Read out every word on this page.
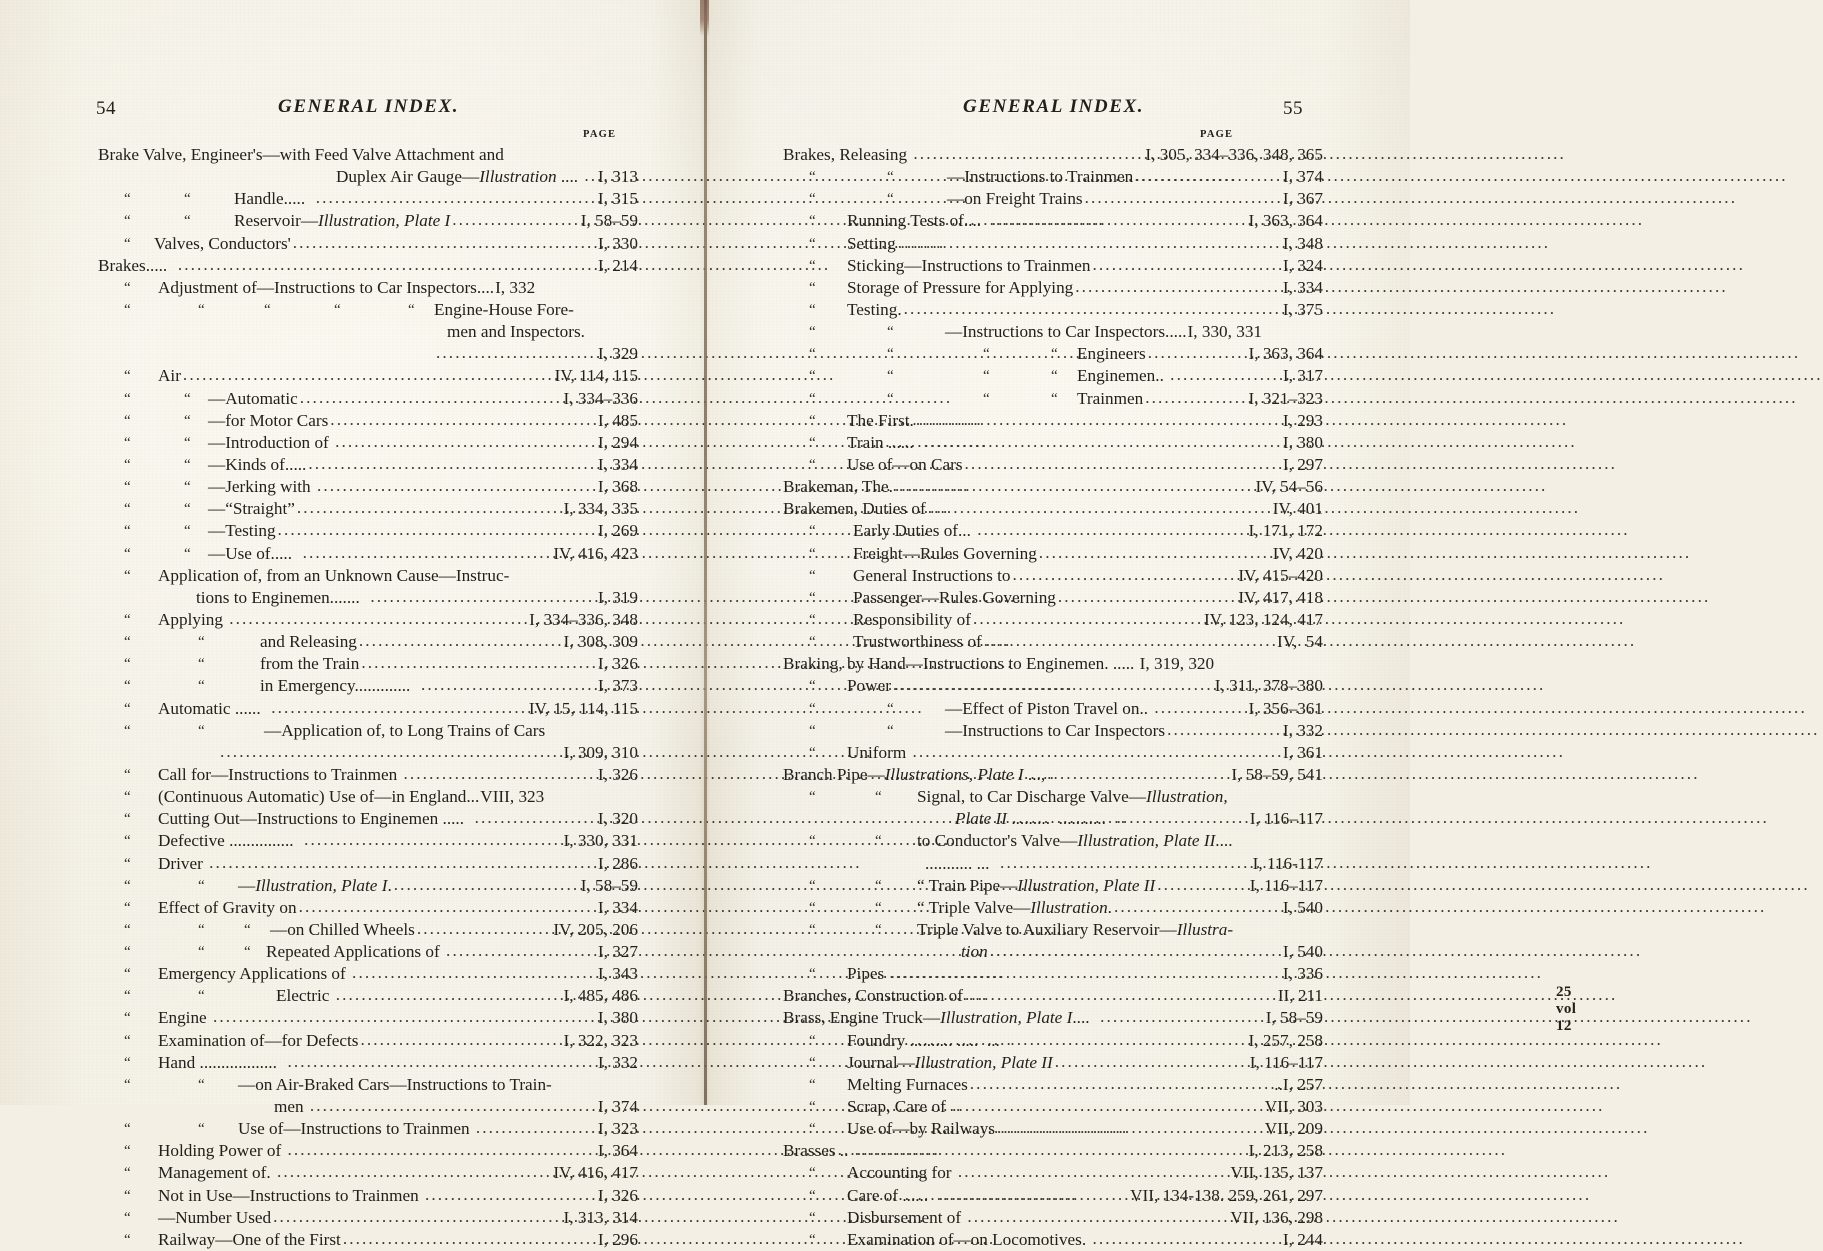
54	GENERAL INDEX.
PAGE
Brake Valve, Engineer's—with Feed Valve Attachment and
Duplex Air Gauge—Illustration .... ..... I, 313
“	“	Handle..... .....	I, 315
“	“	Reservoir—Illustration, Plate I .....	I, 58–59
“ Valves, Conductors' .....	I, 330
Brakes..... .....	I, 214
“ Adjustment of—Instructions to Car Inspectors.... I, 332
“	“	“	“	“ Engine-House Fore-
men and Inspectors.
.....
I, 329
“ Air .....	IV, 114, 115
“	“ —Automatic .....	I, 334–336
“	“ —for Motor Cars .....	I, 485
“	“ —Introduction of .....	I, 294
“	“ —Kinds of..... .....	I, 334
“	“ —Jerking with .....	I, 368
“	“ —“Straight” .....	I, 334, 335
“	“ —Testing .....	I, 269
“	“ —Use of..... .....	IV, 416, 423
“ Application of, from an Unknown Cause—Instruc-
tions to Enginemen....... .....	I, 319
“ Applying .....	I, 334–336, 348
“	“	and Releasing .....	I, 308, 309
“	“	from the Train .....	I, 326
“	“	in Emergency............. .....	I, 373
“ Automatic ...... .....	IV, 15, 114, 115
“	“	—Application of, to Long Trains of Cars
.....
I, 309, 310
“ Call for—Instructions to Trainmen .....	I, 326
“ (Continuous Automatic) Use of—in England... VIII, 323
“ Cutting Out—Instructions to Enginemen ..... .....	I, 320
“ Defective ............... .....	I, 330, 331
“ Driver .....	I, 286
“	“ —Illustration, Plate I. .....	I, 58–59
“ Effect of Gravity on .....	I, 334
“	“	“ —on Chilled Wheels .....	IV, 205, 206
“	“	“ Repeated Applications of .....	I, 327
“ Emergency Applications of .....	I, 343
“	“	Electric .....	I, 485, 486
“ Engine .....	I, 380
“ Examination of—for Defects .....	I, 322, 323
“ Hand .................. .....	I, 332
“	“ —on Air-Braked Cars—Instructions to Train-
men .....	I, 374
“	“ Use of—Instructions to Trainmen .....	I, 323
“ Holding Power of .....	I, 364
“ Management of. .....	IV, 416, 417
“ Not in Use—Instructions to Trainmen .....	I, 326
“ —Number Used .....	I, 313, 314
“ Railway—One of the First .....	I, 296
55
GENERAL INDEX.
PAGE
Brakes, Releasing .....	I, 305, 334–336, 348, 365
“	“	—Instructions to Trainmen .....	I, 374
“	“	—on Freight Trains .....	I, 367
“ Running Tests of.... .....	I, 363, 364
“ Setting .....	I, 348
“ Sticking—Instructions to Trainmen .....	I, 324
“ Storage of Pressure for Applying .....	I, 334
“ Testing. .....	I, 375
“	“	—Instructions to Car Inspectors..... I, 330, 331
“	“	“	“ Engineers .....	I, 363, 364
“	“	“	“ Enginemen.. .....	I, 317
“	“	“	“ Trainmen .....	I, 321–323
“ The First. .....	I, 293
“ Train ...... .....	I, 380
“ Use of—on Cars .....	I, 297
Brakeman, The. .....	IV, 54–56
Brakemen, Duties of .....	IV, 401
“ Early Duties of... .....	I, 171, 172
“ Freight—Rules Governing .....	IV, 420
“ General Instructions to .....	IV, 415–420
“ Passenger—Rules Governing .....	IV, 417, 418
“ Responsibility of .....	IV, 123, 124, 417
“ Trustworthiness of .....	IV,  54
Braking, by Hand—Instructions to Enginemen. ..... I, 319, 320
“ Power .....	I, 311, 378–380
“	“	—Effect of Piston Travel on.. .....	I, 356–361
“	“	—Instructions to Car Inspectors .....	I, 332
“ Uniform .....	I, 361
Branch Pipe—Illustrations, Plate I ..., .....	I, 58–59, 541
“	“ Signal, to Car Discharge Valve—Illustration,
Plate II .........  ........... .....	I, 116–117
“	“ to Conductor's Valve—Illustration, Plate II....
........... ... .....	I, 116-117
“	“ “ Train Pipe—Illustration, Plate II .....	I, 116–117
“	“ “ Triple Valve—Illustration. .....	I, 540
“	“ Triple Valve to Auxiliary Reservoir—Illustra-
tion .....	I, 540
“ Pipes .....	I, 336
Branches, Construction of .....	II, 211
Brass, Engine Truck—Illustration, Plate I.... .....	I, 58–59
“ Foundry .......... .....  ... .....	I, 257, 258
“ Journal—Illustration, Plate II .....	I, 116–117
“ Melting Furnaces .....	..I, 257
“ Scrap, Care of .....	VII, 303
“ Use of—by Railways .....	VII, 209
Brasses .. .....	I, 213, 258
“ Accounting for .....	VII, 135, 137
“ Care of ...... .....	VII, 134-138. 259, 261, 297
“ Disbursement of .....	VII, 136, 298
“ Examination of—on Locomotives. .....	I, 244
25 vol 12
